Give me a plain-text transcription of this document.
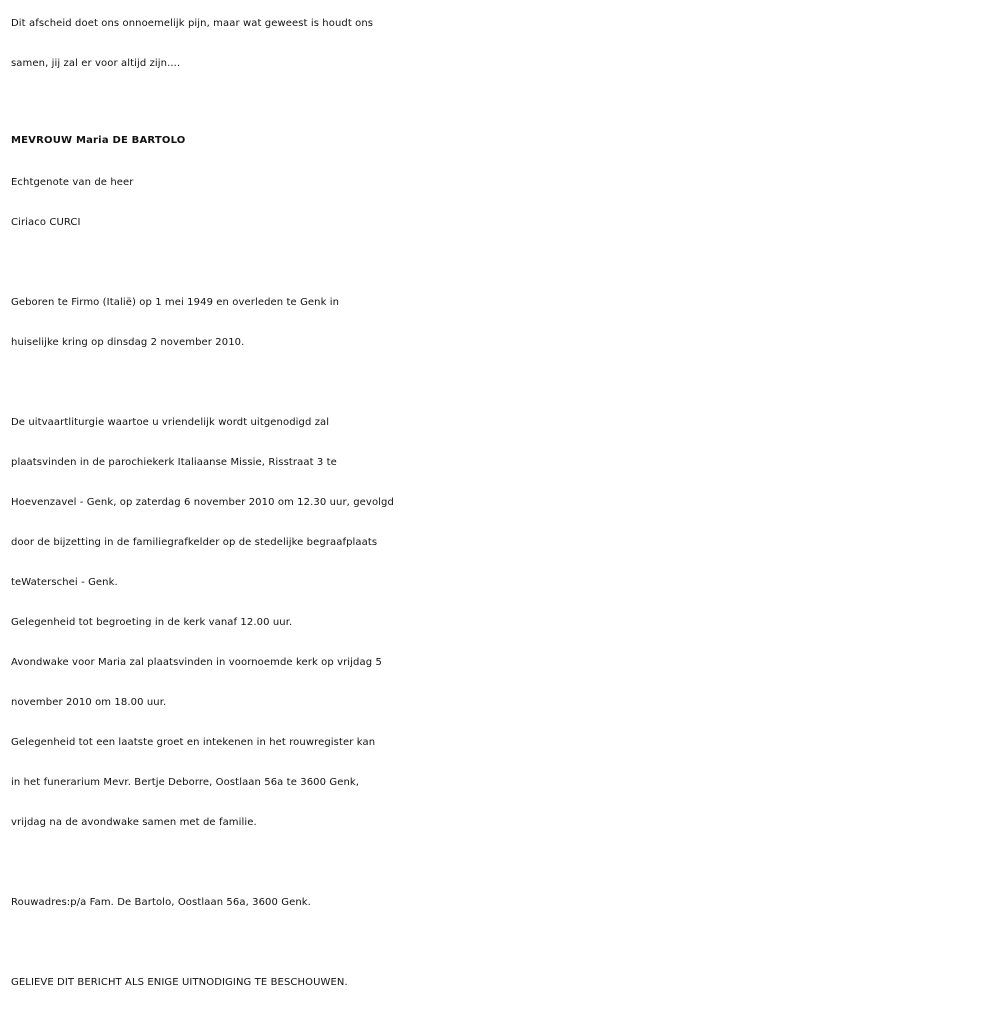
Dit afscheid doet ons onnoemelijk pijn, maar wat geweest is houdt ons
samen, jij zal er voor altijd zijn....
MEVROUW Maria DE BARTOLO
Echtgenote van de heer
Ciriaco CURCI
Geboren te Firmo (Italië) op 1 mei 1949 en overleden te Genk in
huiselijke kring op dinsdag 2 november 2010.
De uitvaartliturgie waartoe u vriendelijk wordt uitgenodigd zal
plaatsvinden in de parochiekerk Italiaanse Missie, Risstraat 3 te
Hoevenzavel - Genk, op zaterdag 6 november 2010 om 12.30 uur, gevolgd
door de bijzetting in de familiegrafkelder op de stedelijke begraafplaats
teWaterschei - Genk.
Gelegenheid tot begroeting in de kerk vanaf 12.00 uur.
Avondwake voor Maria zal plaatsvinden in voornoemde kerk op vrijdag 5
november 2010 om 18.00 uur.
Gelegenheid tot een laatste groet en intekenen in het rouwregister kan
in het funerarium Mevr. Bertje Deborre, Oostlaan 56a te 3600 Genk,
vrijdag na de avondwake samen met de familie.
Rouwadres:p/a Fam. De Bartolo, Oostlaan 56a, 3600 Genk.
GELIEVE DIT BERICHT ALS ENIGE UITNODIGING TE BESCHOUWEN.
